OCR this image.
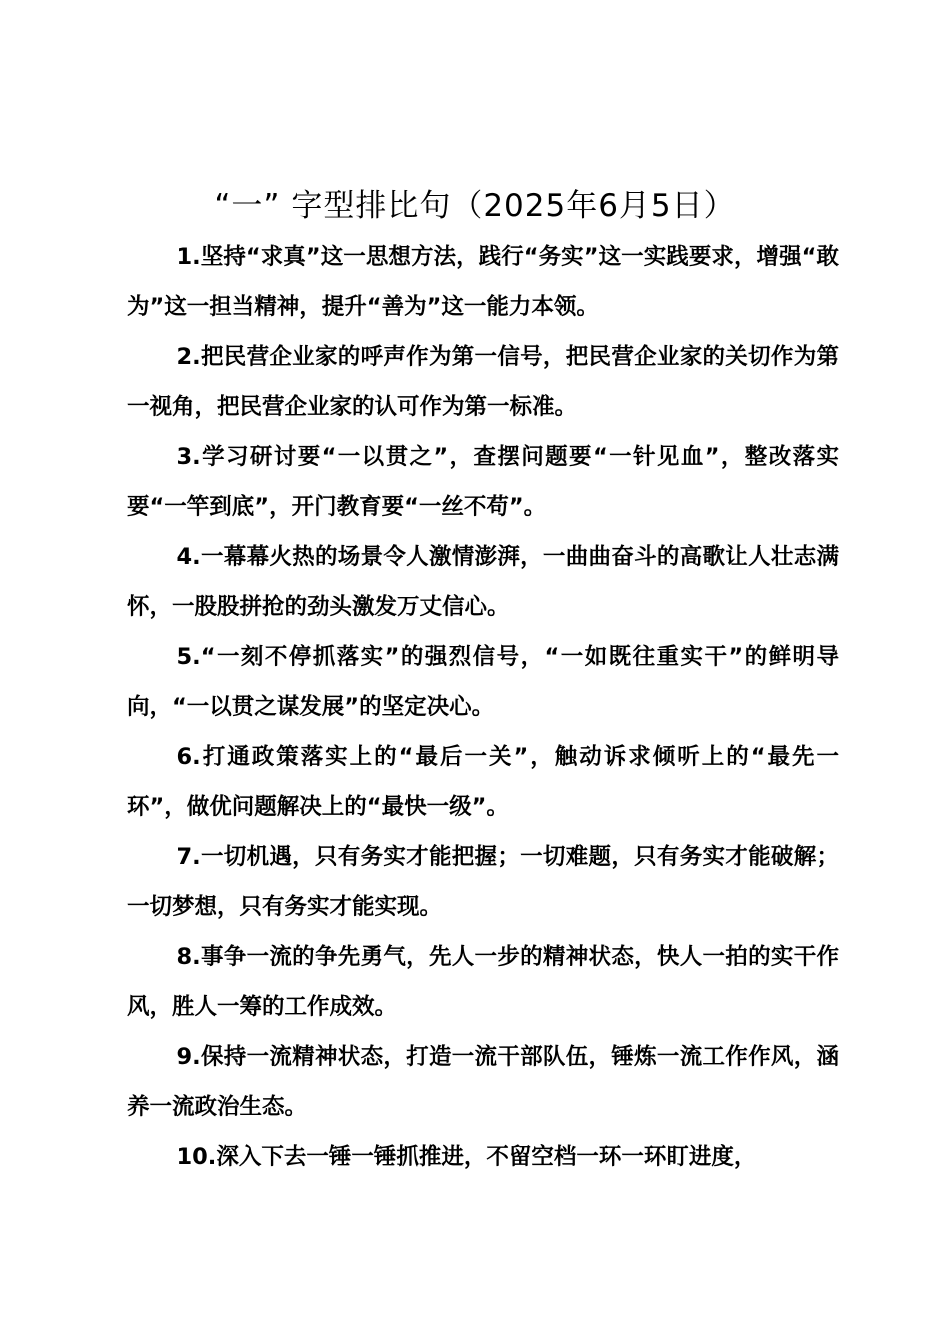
“一” 字型排比句（2025年6月5日）

1.坚持“求真”这一思想方法，践行“务实”这一实践要求，增强“敢为”这一担当精神，提升“善为”这一能力本领。

2.把民营企业家的呼声作为第一信号，把民营企业家的关切作为第一视角，把民营企业家的认可作为第一标准。

3.学习研讨要“一以贯之”，查摆问题要“一针见血”，整改落实要“一竿到底”，开门教育要“一丝不苟”。

4.一幕幕火热的场景令人激情澎湃，一曲曲奋斗的高歌让人壮志满怀，一股股拼抢的劲头激发万丈信心。

5.“一刻不停抓落实”的强烈信号，“一如既往重实干”的鲜明导向，“一以贯之谋发展”的坚定决心。

6.打通政策落实上的“最后一关”，触动诉求倾听上的“最先一环”，做优问题解决上的“最快一级”。

7.一切机遇，只有务实才能把握；一切难题，只有务实才能破解；一切梦想，只有务实才能实现。

8.事争一流的争先勇气，先人一步的精神状态，快人一拍的实干作风，胜人一筹的工作成效。

9.保持一流精神状态，打造一流干部队伍，锤炼一流工作作风，涵养一流政治生态。

10.深入下去一锤一锤抓推进，不留空档一环一环盯进度，
